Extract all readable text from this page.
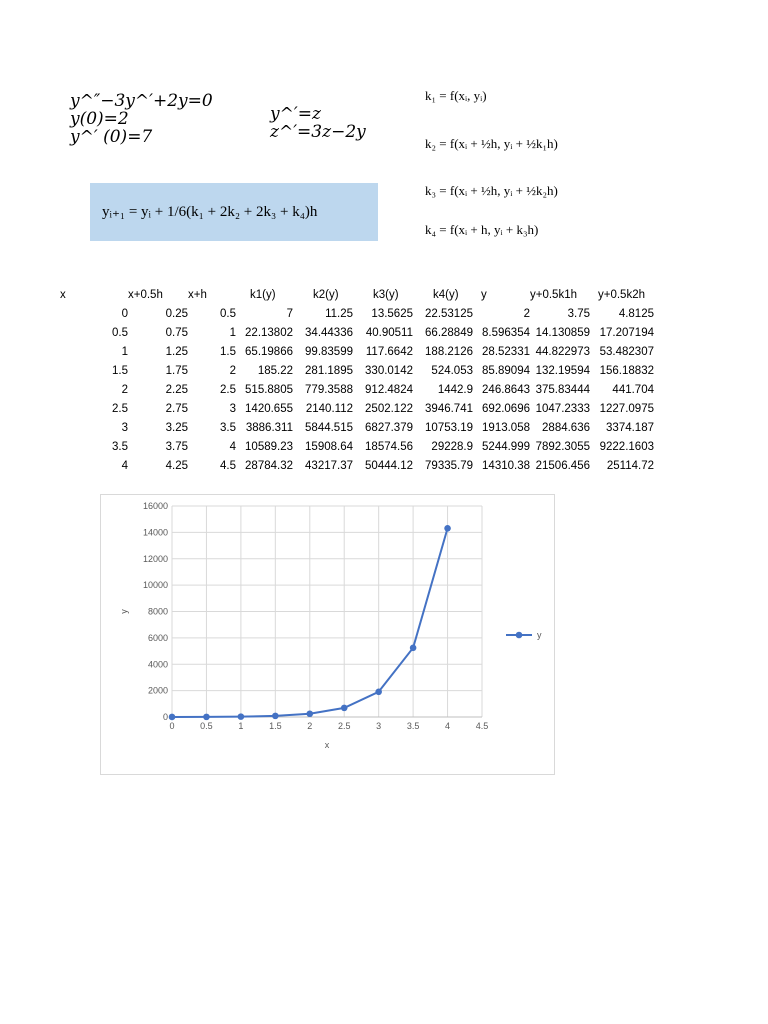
y^″−3y^′+2y=0
y(0)=2
y^′ (0)=7
y^′=z
z^′=3z−2y
k₁ = f(xᵢ, yᵢ)
k₂ = f(xᵢ + ½h, yᵢ + ½k₁h)
k₃ = f(xᵢ + ½h, yᵢ + ½k₂h)
k₄ = f(xᵢ + h, yᵢ + k₃h)
yᵢ₊₁ = yᵢ + 1/6(k₁ + 2k₂ + 2k₃ + k₄)h
x		x+0.5h	x+h	k1(y)	k2(y)	k3(y)	k4(y)	y	y+0.5k1h	y+0.5k2h
0		0.25	0.5	7	11.25	13.5625	22.53125	2	3.75	4.8125
0.5		0.75	1	22.13802	34.44336	40.90511	66.28849	8.596354	14.130859	17.207194
1		1.25	1.5	65.19866	99.83599	117.6642	188.2126	28.52331	44.822973	53.482307
1.5		1.75	2	185.22	281.1895	330.0142	524.053	85.89094	132.19594	156.18832
2		2.25	2.5	515.8805	779.3588	912.4824	1442.9	246.8643	375.83444	441.704
2.5		2.75	3	1420.655	2140.112	2502.122	3946.741	692.0696	1047.2333	1227.0975
3		3.25	3.5	3886.311	5844.515	6827.379	10753.19	1913.058	2884.636	3374.187
3.5		3.75	4	10589.23	15908.64	18574.56	29228.9	5244.999	7892.3055	9222.1603
4		4.25	4.5	28784.32	43217.37	50444.12	79335.79	14310.38	21506.456	25114.72
0	0.5	1	1.5	2	2.5	3	3.5	4	4.5
0
2000
4000
6000
8000
10000
12000
14000
16000
x
y
y
